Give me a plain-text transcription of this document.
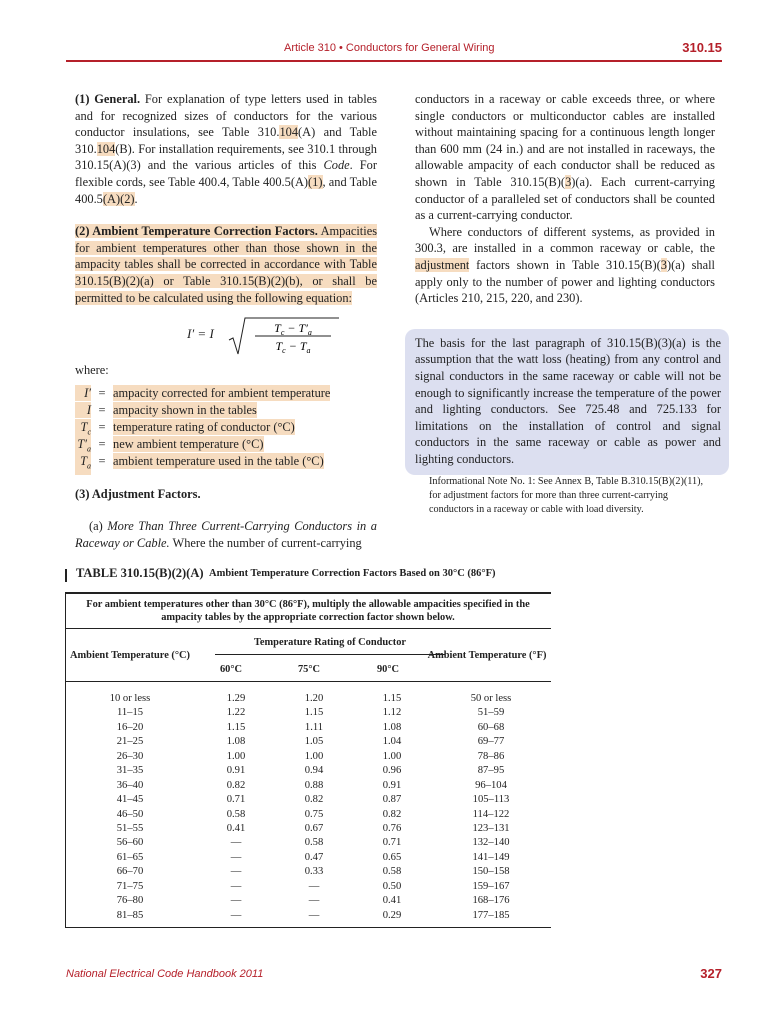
Article 310 • Conductors for General Wiring	310.15

(1) General. For explanation of type letters used in tables and for recognized sizes of conductors for the various conductor insulations, see Table 310.104(A) and Table 310.104(B). For installation requirements, see 310.1 through 310.15(A)(3) and the various articles of this Code. For flexible cords, see Table 400.4, Table 400.5(A)(1), and Table 400.5(A)(2).

(2) Ambient Temperature Correction Factors. Ampacities for ambient temperatures other than those shown in the ampacity tables shall be corrected in accordance with Table 310.15(B)(2)(a) or Table 310.15(B)(2)(b), or shall be permitted to be calculated using the following equation:

I′ = I	$T_c - T'_a$
$T_c - T_a$

where:

I′ = ampacity corrected for ambient temperature
I = ampacity shown in the tables
$T_c$ = temperature rating of conductor (°C)
$T'_a$ = new ambient temperature (°C)
$T_a$ = ambient temperature used in the table (°C)

(3) Adjustment Factors.

(a) More Than Three Current-Carrying Conductors in a Raceway or Cable. Where the number of current-carrying

conductors in a raceway or cable exceeds three, or where single conductors or multiconductor cables are installed without maintaining spacing for a continuous length longer than 600 mm (24 in.) and are not installed in raceways, the allowable ampacity of each conductor shall be reduced as shown in Table 310.15(B)(3)(a). Each current-carrying conductor of a paralleled set of conductors shall be counted as a current-carrying conductor.

Where conductors of different systems, as provided in 300.3, are installed in a common raceway or cable, the adjustment factors shown in Table 310.15(B)(3)(a) shall apply only to the number of power and lighting conductors (Articles 210, 215, 220, and 230).

The basis for the last paragraph of 310.15(B)(3)(a) is the assumption that the watt loss (heating) from any control and signal conductors in the same raceway or cable will not be enough to significantly increase the temperature of the power and lighting conductors. See 725.48 and 725.133 for limitations on the installation of control and signal conductors in the same raceway or cable as power and lighting conductors.

Informational Note No. 1: See Annex B, Table B.310.15(B)(2)(11), for adjustment factors for more than three current-carrying conductors in a raceway or cable with load diversity.

TABLE 310.15(B)(2)(A) Ambient Temperature Correction Factors Based on 30°C (86°F)
For ambient temperatures other than 30°C (86°F), multiply the allowable ampacities specified in the ampacity tables by the appropriate correction factor shown below.
Temperature Rating of Conductor
Ambient Temperature (°C)
60°C	75°C	90°C
Ambient Temperature (°F)
10 or less	1.29	1.20	1.15	50 or less
11–15	1.22	1.15	1.12	51–59
16–20	1.15	1.11	1.08	60–68
21–25	1.08	1.05	1.04	69–77
26–30	1.00	1.00	1.00	78–86
31–35	0.91	0.94	0.96	87–95
36–40	0.82	0.88	0.91	96–104
41–45	0.71	0.82	0.87	105–113
46–50	0.58	0.75	0.82	114–122
51–55	0.41	0.67	0.76	123–131
56–60	—	0.58	0.71	132–140
61–65	—	0.47	0.65	141–149
66–70	—	0.33	0.58	150–158
71–75	—	—	0.50	159–167
76–80	—	—	0.41	168–176
81–85	—	—	0.29	177–185
National Electrical Code Handbook 2011	327
